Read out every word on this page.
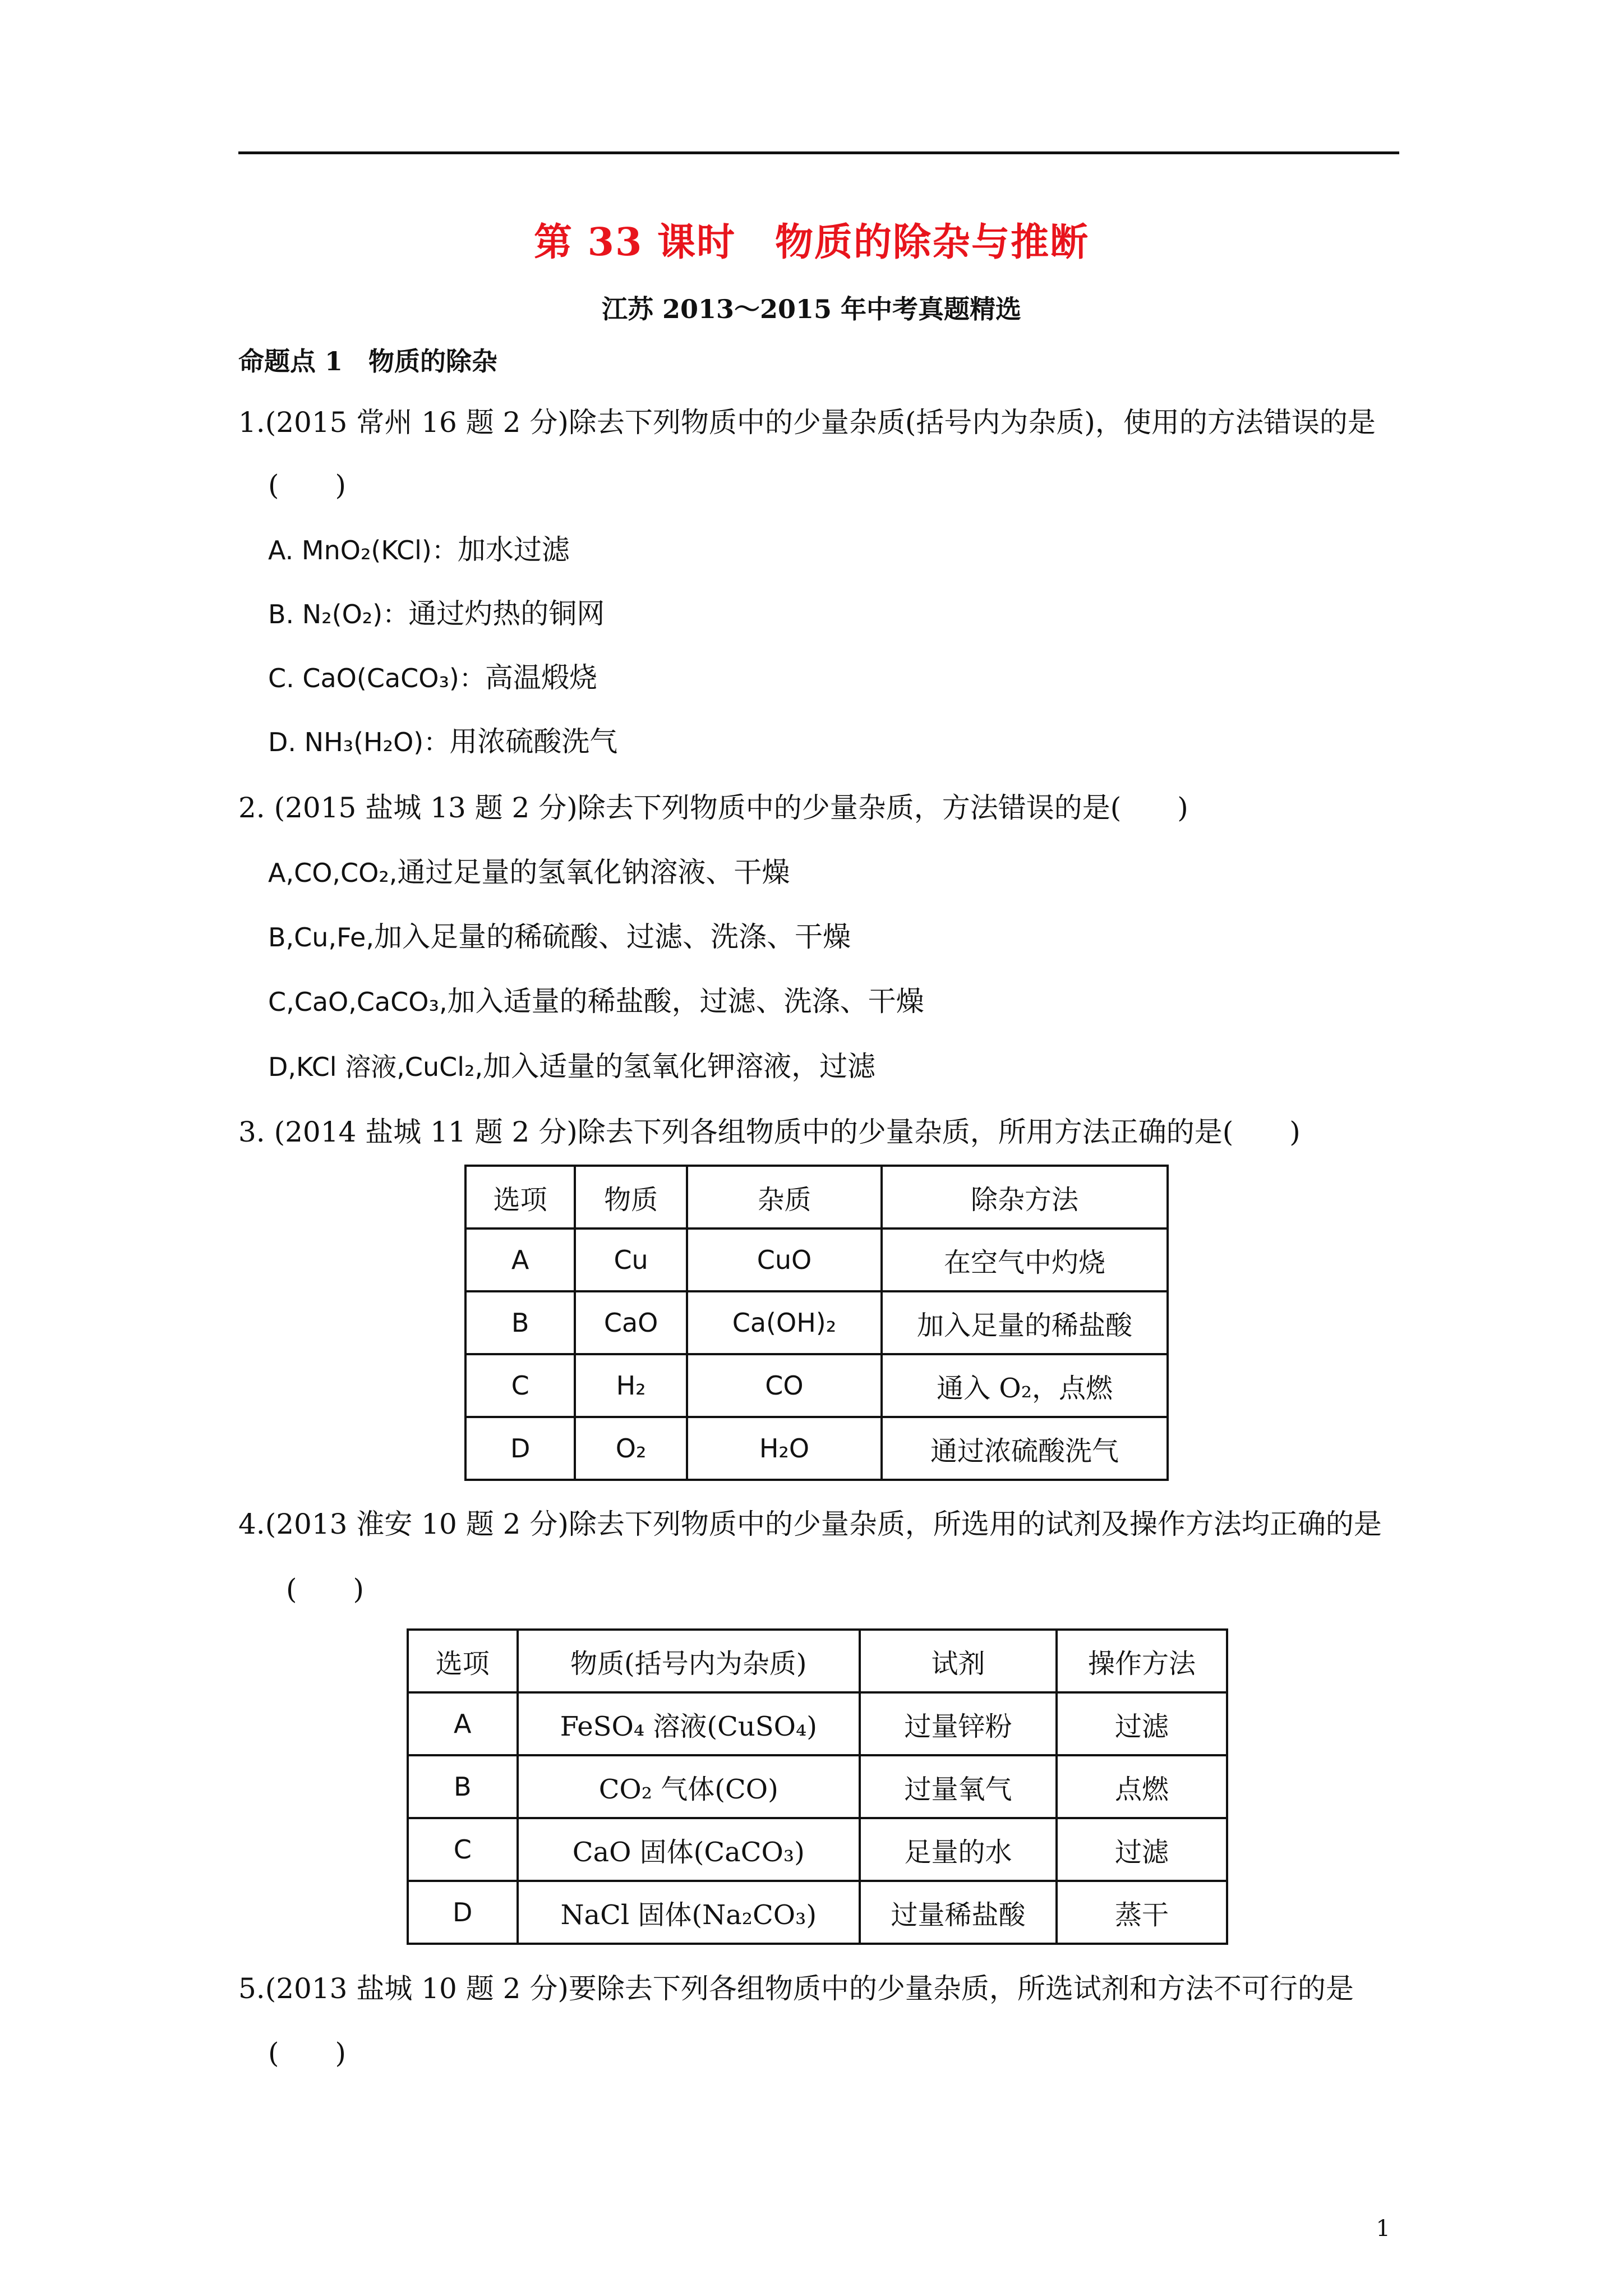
第 33 课时　物质的除杂与推断
江苏 2013～2015 年中考真题精选
命题点 1　物质的除杂
1.(2015 常州 16 题 2 分)除去下列物质中的少量杂质(括号内为杂质)，使用的方法错误的是
(　　)
A. MnO₂(KCl)：加水过滤
B. N₂(O₂)：通过灼热的铜网
C. CaO(CaCO₃)：高温煅烧
D. NH₃(H₂O)：用浓硫酸洗气
2. (2015 盐城 13 题 2 分)除去下列物质中的少量杂质，方法错误的是(　　)
A,CO,CO₂,通过足量的氢氧化钠溶液、干燥
B,Cu,Fe,加入足量的稀硫酸、过滤、洗涤、干燥
C,CaO,CaCO₃,加入适量的稀盐酸，过滤、洗涤、干燥
D,KCl 溶液,CuCl₂,加入适量的氢氧化钾溶液，过滤
3. (2014 盐城 11 题 2 分)除去下列各组物质中的少量杂质，所用方法正确的是(　　)
选项	物质	杂质	除杂方法
A	Cu	CuO	在空气中灼烧
B	CaO	Ca(OH)₂	加入足量的稀盐酸
C	H₂	CO	通入 O₂，点燃
D	O₂	H₂O	通过浓硫酸洗气
4.(2013 淮安 10 题 2 分)除去下列物质中的少量杂质，所选用的试剂及操作方法均正确的是
(　　)
选项	物质(括号内为杂质)	试剂	操作方法
A	FeSO₄ 溶液(CuSO₄)	过量锌粉	过滤
B	CO₂ 气体(CO)	过量氧气	点燃
C	CaO 固体(CaCO₃)	足量的水	过滤
D	NaCl 固体(Na₂CO₃)	过量稀盐酸	蒸干
5.(2013 盐城 10 题 2 分)要除去下列各组物质中的少量杂质，所选试剂和方法不可行的是
(　　)
1
